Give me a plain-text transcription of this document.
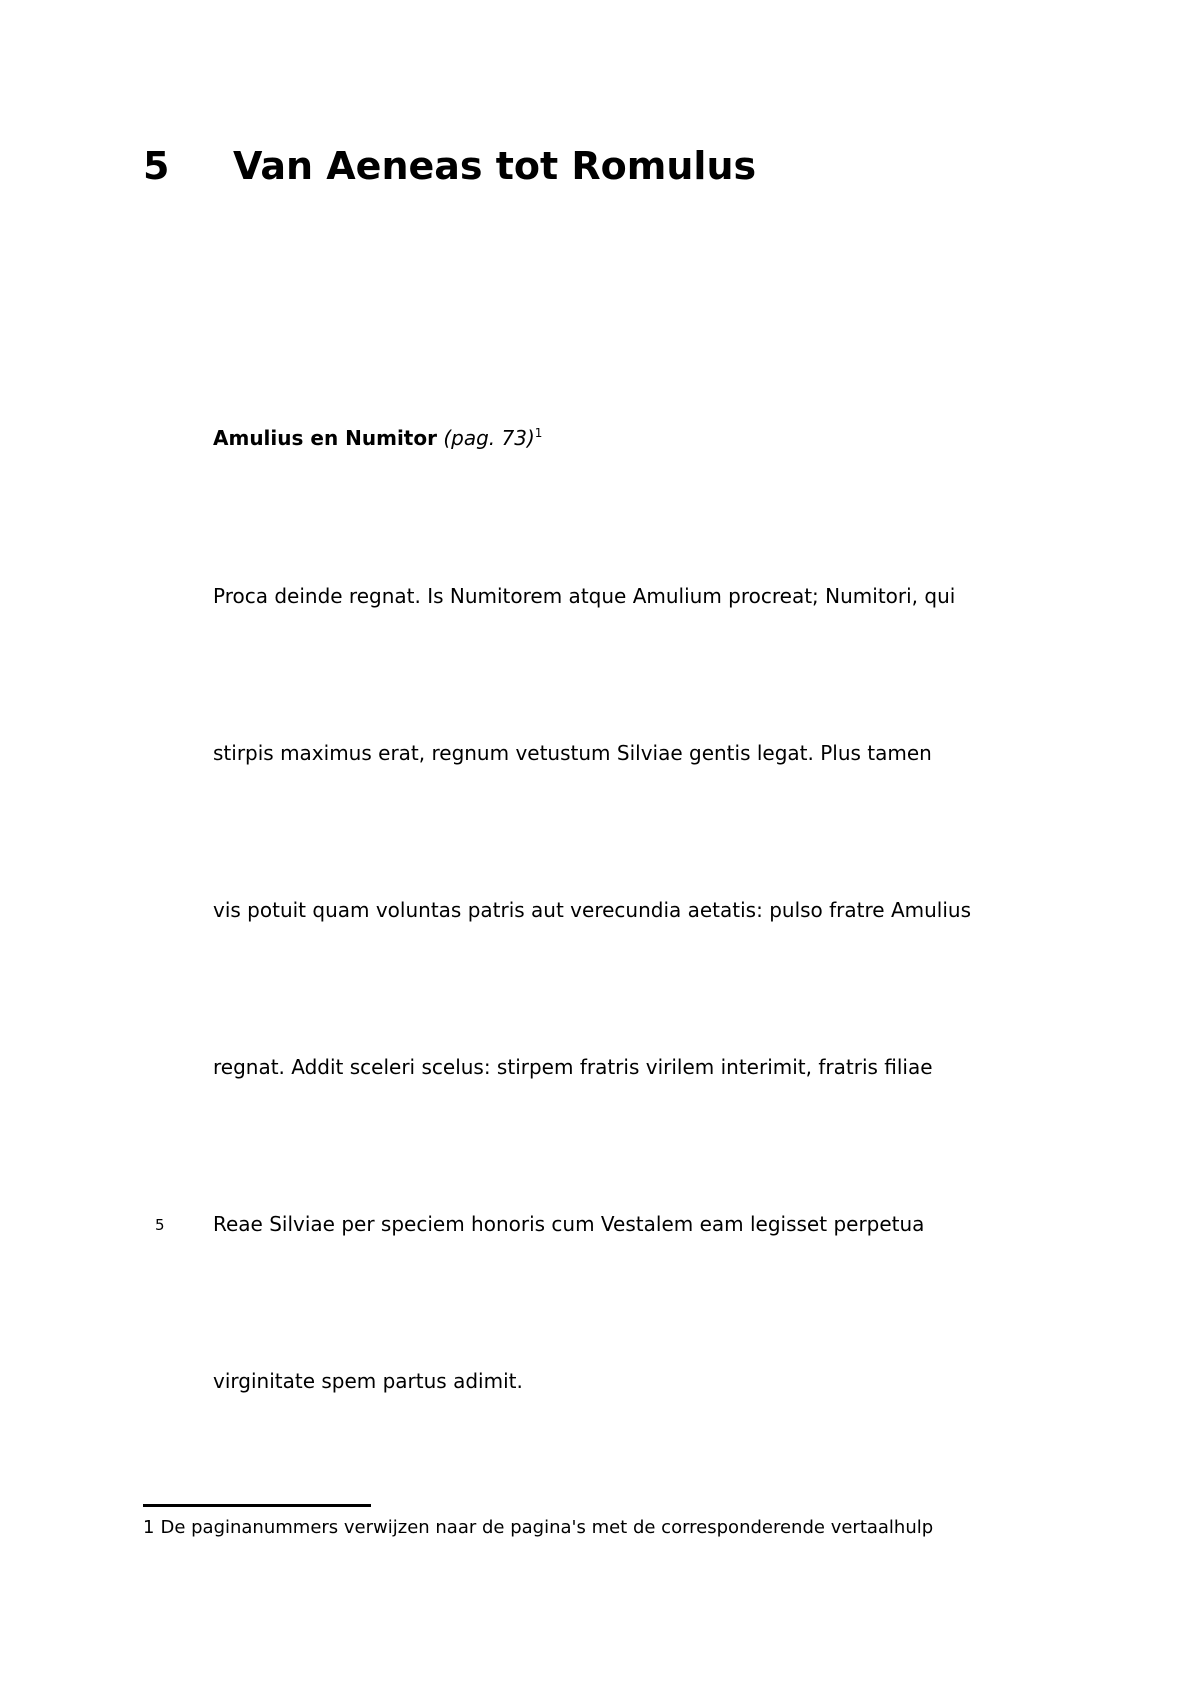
5 Van Aeneas tot Romulus
Amulius en Numitor (pag. 73)$^1$
Proca deinde regnat. Is Numitorem atque Amulium procreat; Numitori, qui
stirpis maximus erat, regnum vetustum Silviae gentis legat. Plus tamen
vis potuit quam voluntas patris aut verecundia aetatis: pulso fratre Amulius
regnat. Addit sceleri scelus: stirpem fratris virilem interimit, fratris filiae
5 Reae Silviae per speciem honoris cum Vestalem eam legisset perpetua
virginitate spem partus adimit.
1 De paginanummers verwijzen naar de pagina's met de corresponderende vertaalhulp
